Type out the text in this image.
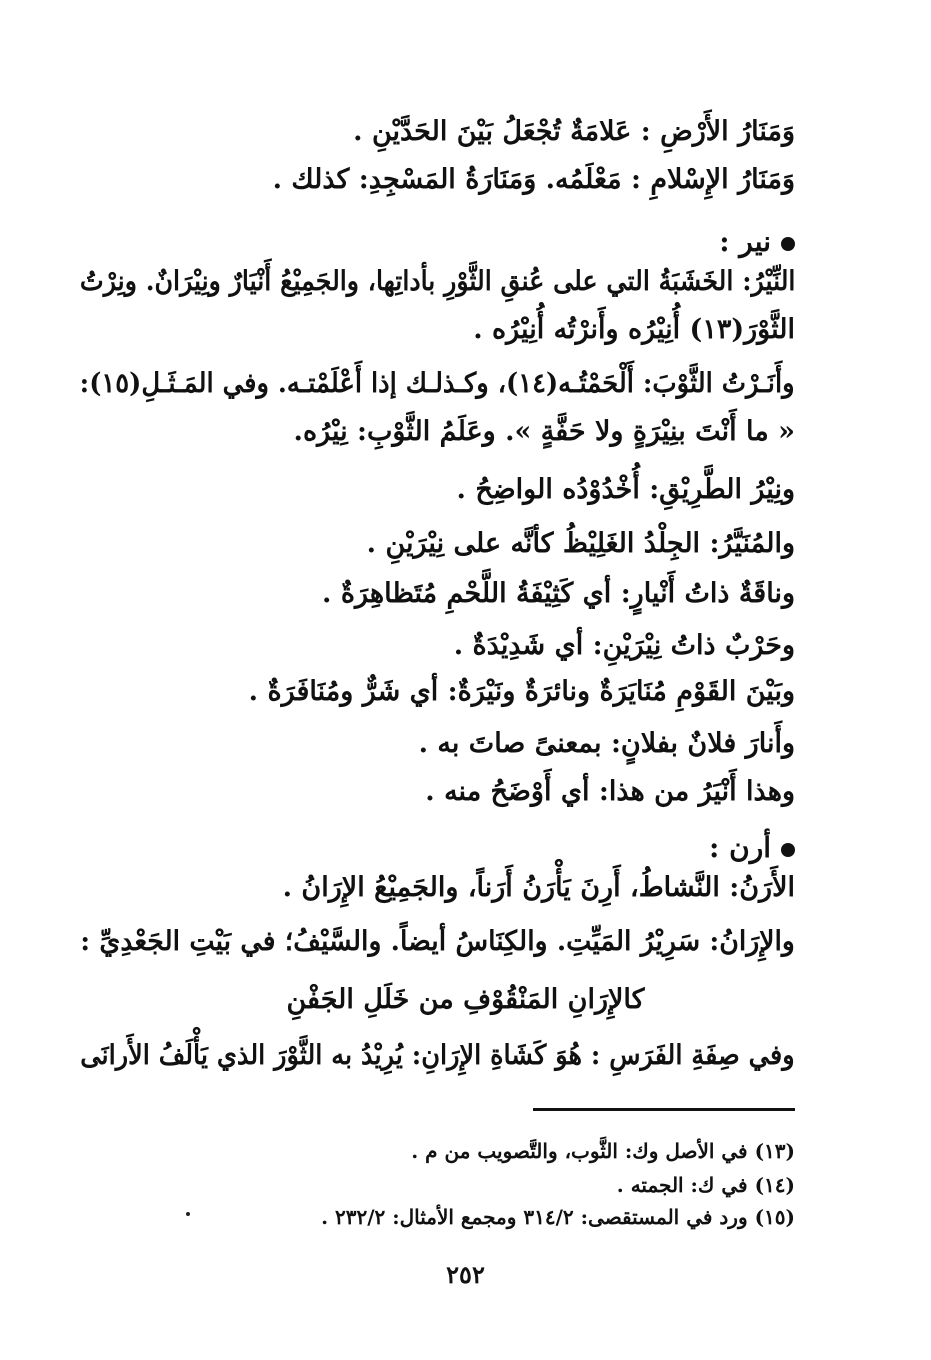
وَمَنَارُ الأَرْضِ : عَلامَةٌ تُجْعَلُ بَيْنَ الحَدَّيْنِ .
وَمَنَارُ الإِسْلامِ : مَعْلَمُه. وَمَنَارَةُ المَسْجِدِ: كذلك .
نير :
النِّيْرُ: الخَشَبَةُ التي على عُنقِ الثَّوْرِ بأداتِها، والجَمِيْعُ أَنْيَارٌ ونِيْرَانٌ. ونِرْتُ
الثَّوْرَ(١٣) أُنِيْرُه وأَنرْتُه أُنِيْرُه .
وأَنَـرْتُ الثَّوْبَ: أَلْحَمْتُـه(١٤)، وكـذلـك إذا أَعْلَمْتـه. وفي المَـثَـلِ(١٥):
« ما أَنْتَ بنِيْرَةٍ ولا حَفَّةٍ ». وعَلَمُ الثَّوْبِ: نِيْرُه.
ونِيْرُ الطَّرِيْقِ: أُخْدُوْدُه الواضِحُ .
والمُنَيَّرُ: الجِلْدُ الغَلِيْظُ كأنَّه على نِيْرَيْنِ .
وناقَةٌ ذاتُ أَنْيارٍ: أي كَثِيْفَةُ اللَّحْمِ مُتَظاهِرَةٌ .
وحَرْبٌ ذاتُ نِيْرَيْنِ: أي شَدِيْدَةٌ .
وبَيْنَ القَوْمِ مُنَايَرَةٌ ونائرَةٌ ونَيْرَةٌ: أي شَرٌّ ومُنَافَرَةٌ .
وأَنارَ فلانٌ بفلانٍ: بمعنىً صاتَ به .
وهذا أَنْيَرُ من هذا: أي أَوْضَحُ منه .
أرن :
الأَرَنُ: النَّشاطُ، أَرِنَ يَأْرَنُ أَرَناً، والجَمِيْعُ الإِرَانُ .
والإِرَانُ: سَرِيْرُ المَيِّتِ. والكِنَاسُ أيضاً. والسَّيْفُ؛ في بَيْتِ الجَعْدِيِّ :
كالإِرَانِ المَنْقُوْفِ من خَلَلِ الجَفْنِ
وفي صِفَةِ الفَرَسِ : هُوَ كَشَاةِ الإِرَانِ: يُرِيْدُ به الثَّوْرَ الذي يَأْلَفُ الأَرانَى
(١٣) في الأصل وك: الثَّوب، والتَّصويب من م .
(١٤) في ك: الجمته .
(١٥) ورد في المستقصى: ٣١٤/٢ ومجمع الأمثال: ٢٣٢/٢ .
٢٥٢
